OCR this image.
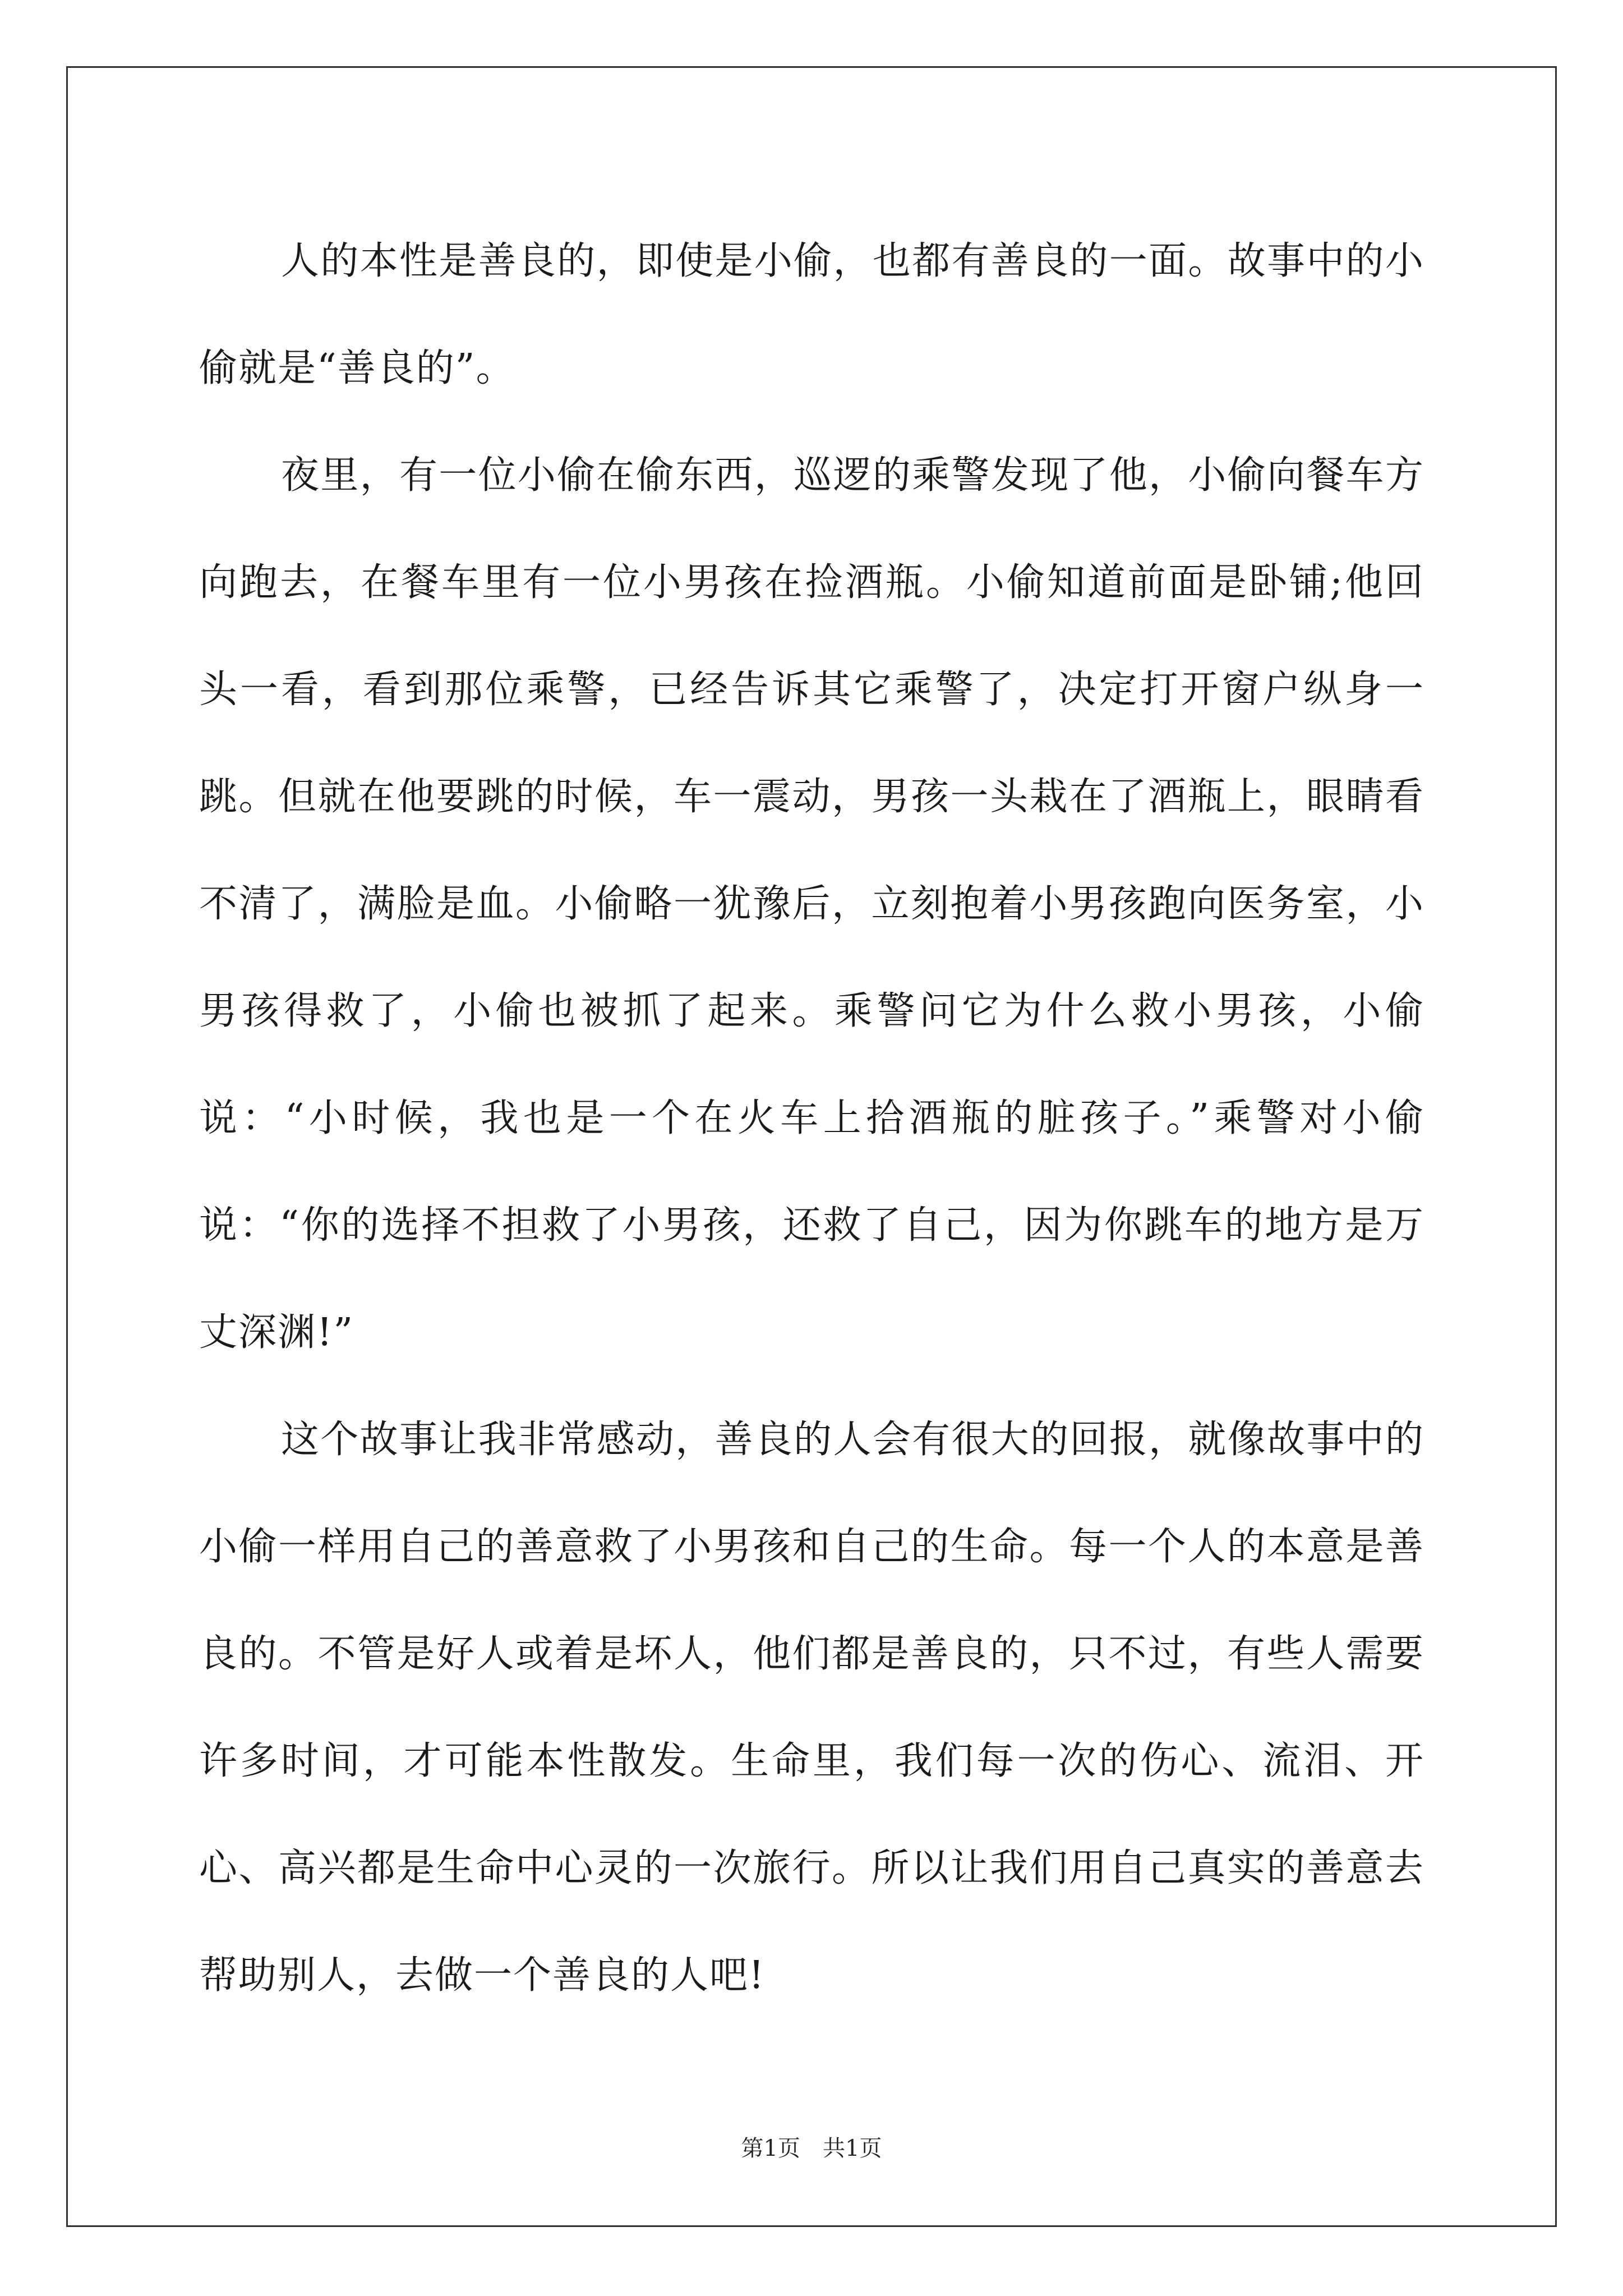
人的本性是善良的，即使是小偷，也都有善良的一面。故事中的小偷就是“善良的”。

夜里，有一位小偷在偷东西，巡逻的乘警发现了他，小偷向餐车方向跑去，在餐车里有一位小男孩在捡酒瓶。小偷知道前面是卧铺;他回头一看，看到那位乘警，已经告诉其它乘警了，决定打开窗户纵身一跳。但就在他要跳的时候，车一震动，男孩一头栽在了酒瓶上，眼睛看不清了，满脸是血。小偷略一犹豫后，立刻抱着小男孩跑向医务室，小男孩得救了，小偷也被抓了起来。乘警问它为什么救小男孩，小偷说：“小时候，我也是一个在火车上拾酒瓶的脏孩子。”乘警对小偷说：“你的选择不担救了小男孩，还救了自己，因为你跳车的地方是万丈深渊!”

这个故事让我非常感动，善良的人会有很大的回报，就像故事中的小偷一样用自己的善意救了小男孩和自己的生命。每一个人的本意是善良的。不管是好人或着是坏人，他们都是善良的，只不过，有些人需要许多时间，才可能本性散发。生命里，我们每一次的伤心、流泪、开心、高兴都是生命中心灵的一次旅行。所以让我们用自己真实的善意去帮助别人，去做一个善良的人吧!

第1页　共1页
